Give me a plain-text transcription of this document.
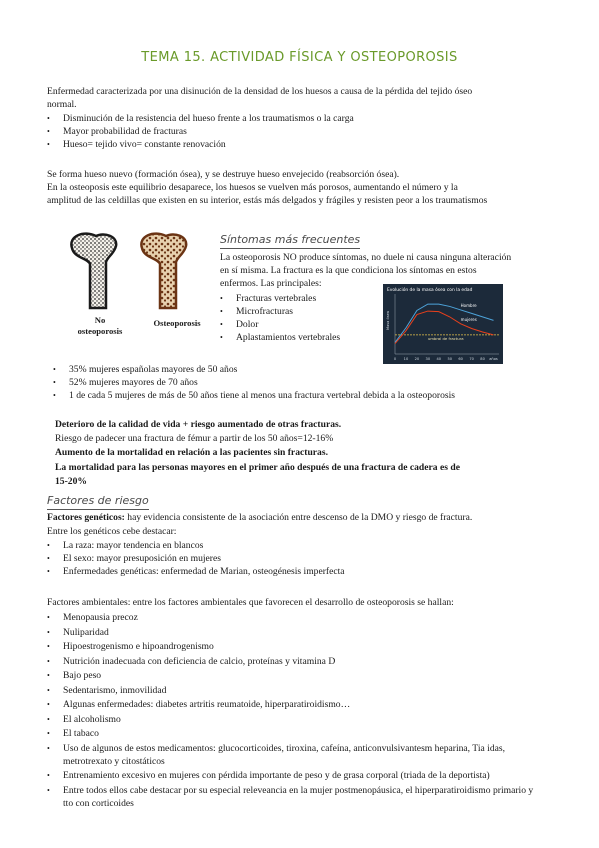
TEMA 15. ACTIVIDAD FÍSICA Y OSTEOPOROSIS
Enfermedad caracterizada por una disinución de la densidad de los huesos a causa de la pérdida del tejido óseo
normal.
• Disminución de la resistencia del hueso frente a los traumatismos o la carga
• Mayor probabilidad de fracturas
• Hueso= tejido vivo= constante renovación
Se forma hueso nuevo (formación ósea), y se destruye hueso envejecido (reabsorción ósea).
En la osteoposis este equilibrio desaparece, los huesos se vuelven más porosos, aumentando el número y la
amplitud de las celdillas que existen en su interior, estás más delgados y frágiles y resisten peor a los traumatismos
No
osteoporosis
Osteoporosis
Síntomas más frecuentes
La osteoporosis NO produce síntomas, no duele ni causa ninguna alteración
en sí misma. La fractura es la que condiciona los síntomas en estos
enfermos. Las principales:
• Fracturas vertebrales
• Microfracturas
• Dolor
• Aplastamientos vertebrales
Evolución de la masa ósea con la edad
Masa ósea
0 10 20 30 40 50 60 70 80 años
umbral de fractura
Hombre
mujeres
• 35% mujeres españolas mayores de 50 años
• 52% mujeres mayores de 70 años
• 1 de cada 5 mujeres de más de 50 años tiene al menos una fractura vertebral debida a la osteoporosis
Deterioro de la calidad de vida + riesgo aumentado de otras fracturas.
Riesgo de padecer una fractura de fémur a partir de los 50 años=12-16%
Aumento de la mortalidad en relación a las pacientes sin fracturas.
La mortalidad para las personas mayores en el primer año después de una fractura de cadera es de
15-20%
Factores de riesgo
Factores genéticos: hay evidencia consistente de la asociación entre descenso de la DMO y riesgo de fractura.
Entre los genéticos cebe destacar:
• La raza: mayor tendencia en blancos
• El sexo: mayor presuposición en mujeres
• Enfermedades genéticas: enfermedad de Marian, osteogénesis imperfecta
Factores ambientales: entre los factores ambientales que favorecen el desarrollo de osteoporosis se hallan:
• Menopausia precoz
• Nuliparidad
• Hipoestrogenismo e hipoandrogenismo
• Nutrición inadecuada con deficiencia de calcio, proteínas y vitamina D
• Bajo peso
• Sedentarismo, inmovilidad
• Algunas enfermedades: diabetes artritis reumatoide, hiperparatiroidismo…
• El alcoholismo
• El tabaco
• Uso de algunos de estos medicamentos: glucocorticoides, tiroxina, cafeína, anticonvulsivantesm heparina, Tia idas, metrotrexato y citostáticos
• Entrenamiento excesivo en mujeres con pérdida importante de peso y de grasa corporal (triada de la deportista)
• Entre todos ellos cabe destacar por su especial releveancia en la mujer postmenopáusica, el hiperparatiroidismo primario y tto con corticoides
